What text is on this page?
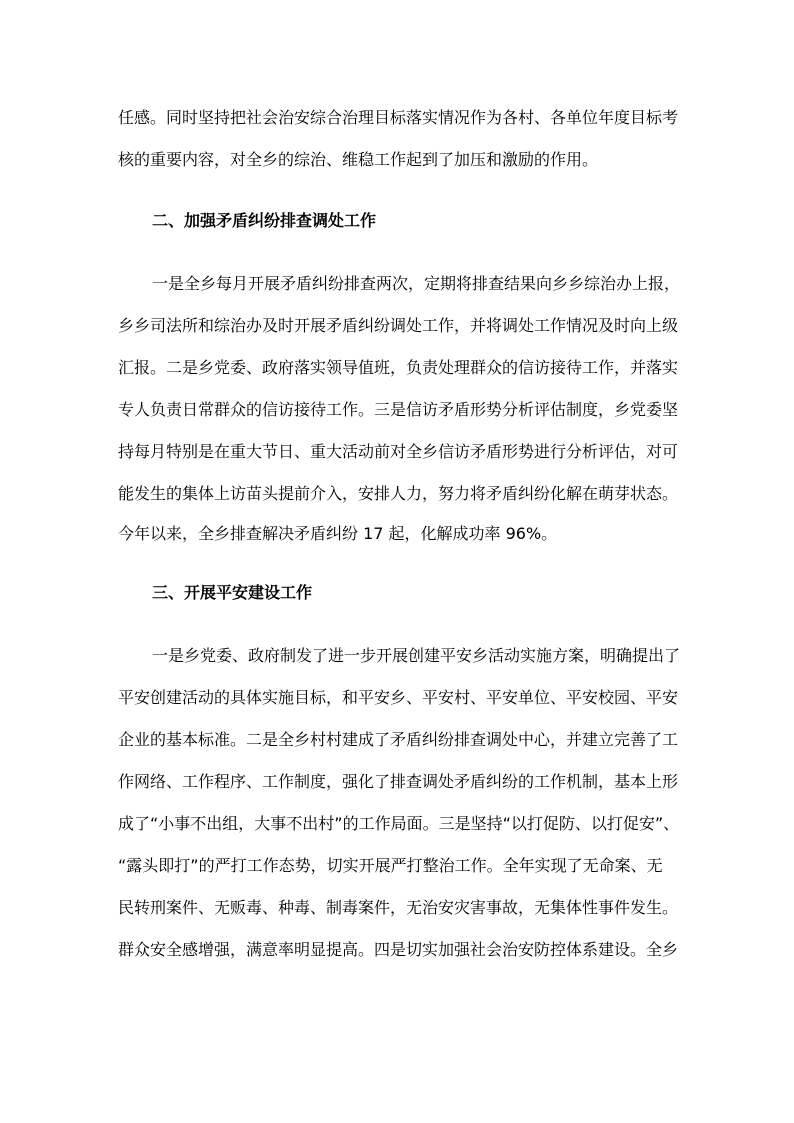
任感。同时坚持把社会治安综合治理目标落实情况作为各村、各单位年度目标考
核的重要内容，对全乡的综治、维稳工作起到了加压和激励的作用。
二、加强矛盾纠纷排查调处工作
一是全乡每月开展矛盾纠纷排查两次，定期将排查结果向乡乡综治办上报，
乡乡司法所和综治办及时开展矛盾纠纷调处工作，并将调处工作情况及时向上级
汇报。二是乡党委、政府落实领导值班，负责处理群众的信访接待工作，并落实
专人负责日常群众的信访接待工作。三是信访矛盾形势分析评估制度，乡党委坚
持每月特别是在重大节日、重大活动前对全乡信访矛盾形势进行分析评估，对可
能发生的集体上访苗头提前介入，安排人力，努力将矛盾纠纷化解在萌芽状态。
今年以来，全乡排查解决矛盾纠纷 17 起，化解成功率 96%。
三、开展平安建设工作
一是乡党委、政府制发了进一步开展创建平安乡活动实施方案，明确提出了
平安创建活动的具体实施目标，和平安乡、平安村、平安单位、平安校园、平安
企业的基本标准。二是全乡村村建成了矛盾纠纷排查调处中心，并建立完善了工
作网络、工作程序、工作制度，强化了排查调处矛盾纠纷的工作机制，基本上形
成了“小事不出组，大事不出村”的工作局面。三是坚持“以打促防、以打促安”、
“露头即打”的严打工作态势，切实开展严打整治工作。全年实现了无命案、无
民转刑案件、无贩毒、种毒、制毒案件，无治安灾害事故，无集体性事件发生。
群众安全感增强，满意率明显提高。四是切实加强社会治安防控体系建设。全乡
